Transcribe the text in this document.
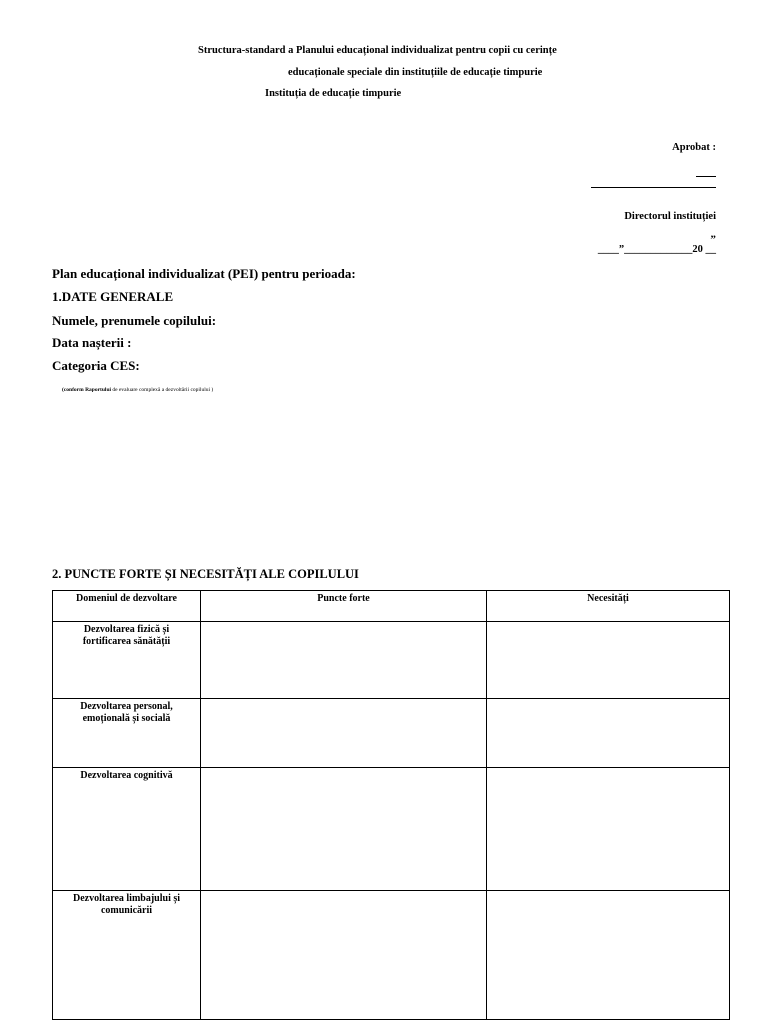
Structura-standard a Planului educațional individualizat pentru copii cu cerințe
educaționale speciale din instituțiile de educație timpurie
Instituția de educație timpurie
Aprobat :
Directorul instituției
„
____”_____________20 __
Plan educațional individualizat (PEI) pentru perioada:
1.DATE GENERALE
Numele, prenumele copilului:
Data nașterii :
Categoria CES:
(conform Raportului de evaluare complexă a dezvoltării copilului )
2. PUNCTE FORTE ȘI NECESITĂȚI ALE COPILULUI
Domeniul de dezvoltare	Puncte forte	Necesități
Dezvoltarea fizică și fortificarea sănătății		
Dezvoltarea personal, emoțională și socială		
Dezvoltarea cognitivă		
Dezvoltarea limbajului și comunicării		
